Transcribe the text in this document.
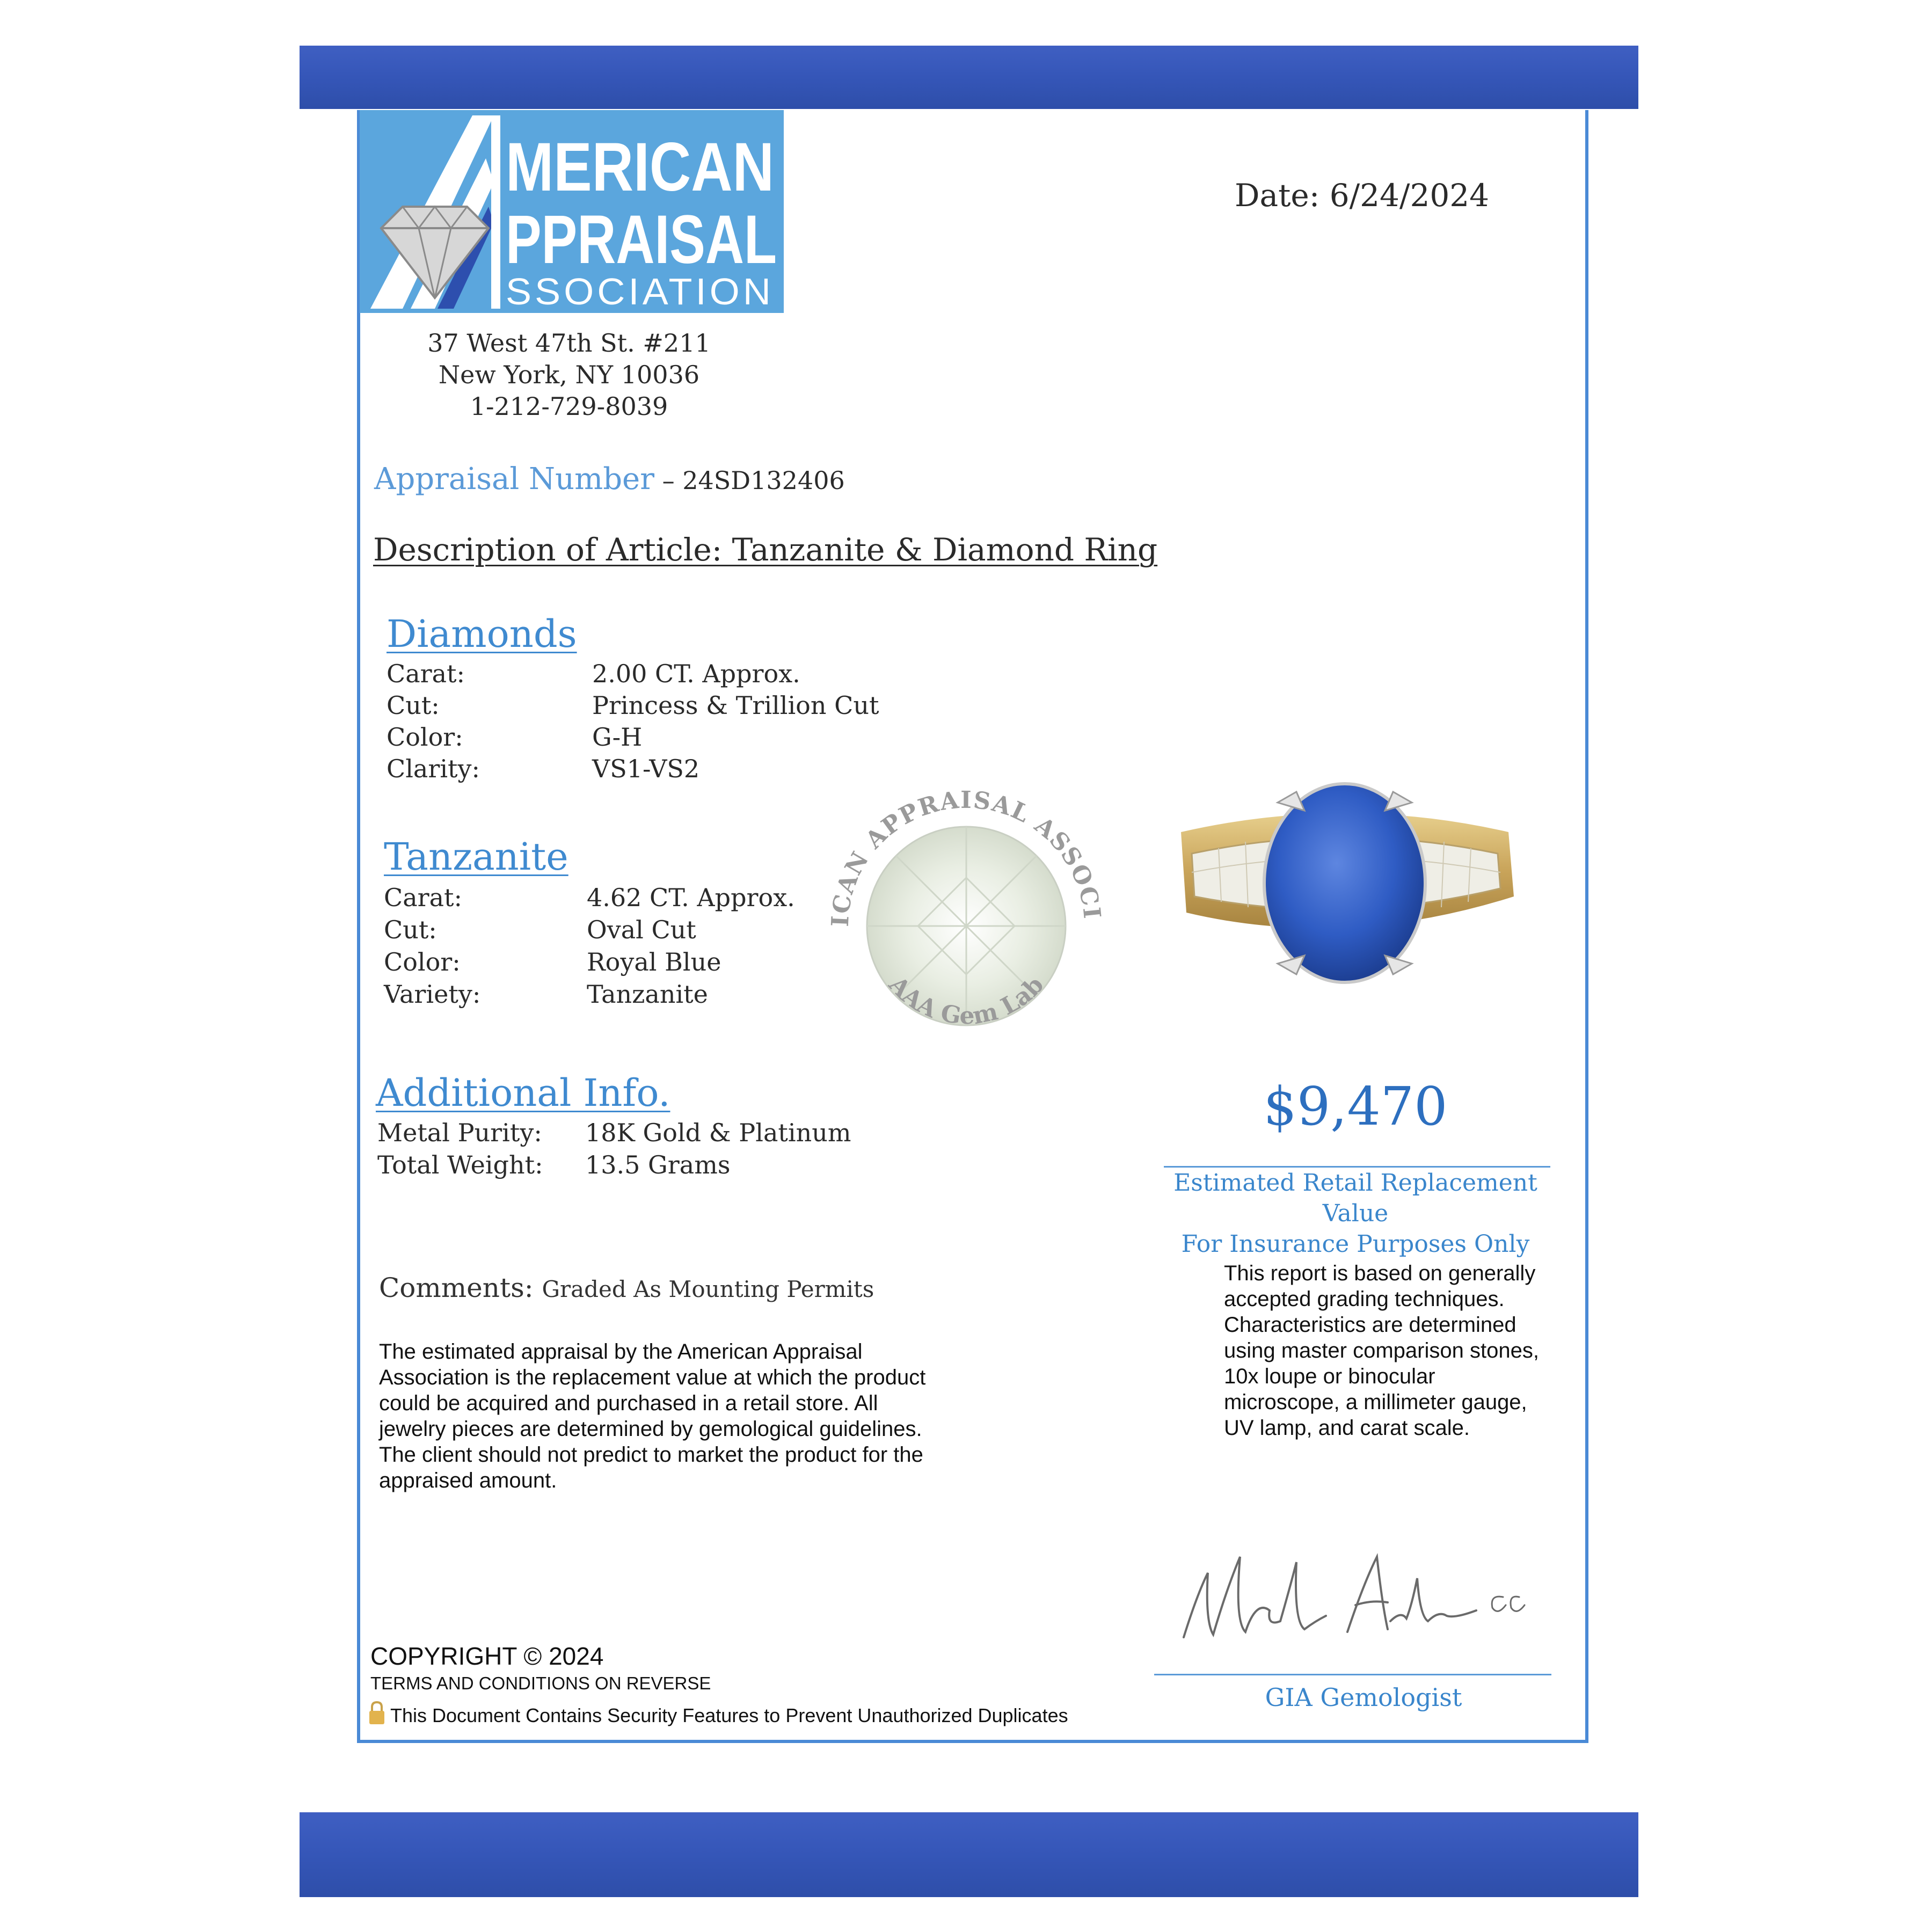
MERICAN
PPRAISAL
SSOCIATION
37 West 47th St. #211
New York, NY 10036
1-212-729-8039
Date: 6/24/2024
Appraisal Number – 24SD132406
Description of Article: Tanzanite & Diamond Ring
Diamonds
Carat:	2.00 CT. Approx.
Cut:	Princess & Trillion Cut
Color:	G-H
Clarity:	VS1-VS2
Tanzanite
Carat:	4.62 CT. Approx.
Cut:	Oval Cut
Color:	Royal Blue
Variety:	Tanzanite
ICAN APPRAISAL ASSOCI
AAA Gem Lab
Additional Info.
Metal Purity: 18K Gold & Platinum
Total Weight: 13.5 Grams
$9,470
Estimated Retail Replacement Value
For Insurance Purposes Only
Comments: Graded As Mounting Permits
The estimated appraisal by the American Appraisal Association is the replacement value at which the product could be acquired and purchased in a retail store. All jewelry pieces are determined by gemological guidelines. The client should not predict to market the product for the appraised amount.
This report is based on generally accepted grading techniques. Characteristics are determined using master comparison stones, 10x loupe or binocular microscope, a millimeter gauge, UV lamp, and carat scale.
GIA Gemologist
COPYRIGHT © 2024
TERMS AND CONDITIONS ON REVERSE
This Document Contains Security Features to Prevent Unauthorized Duplicates
